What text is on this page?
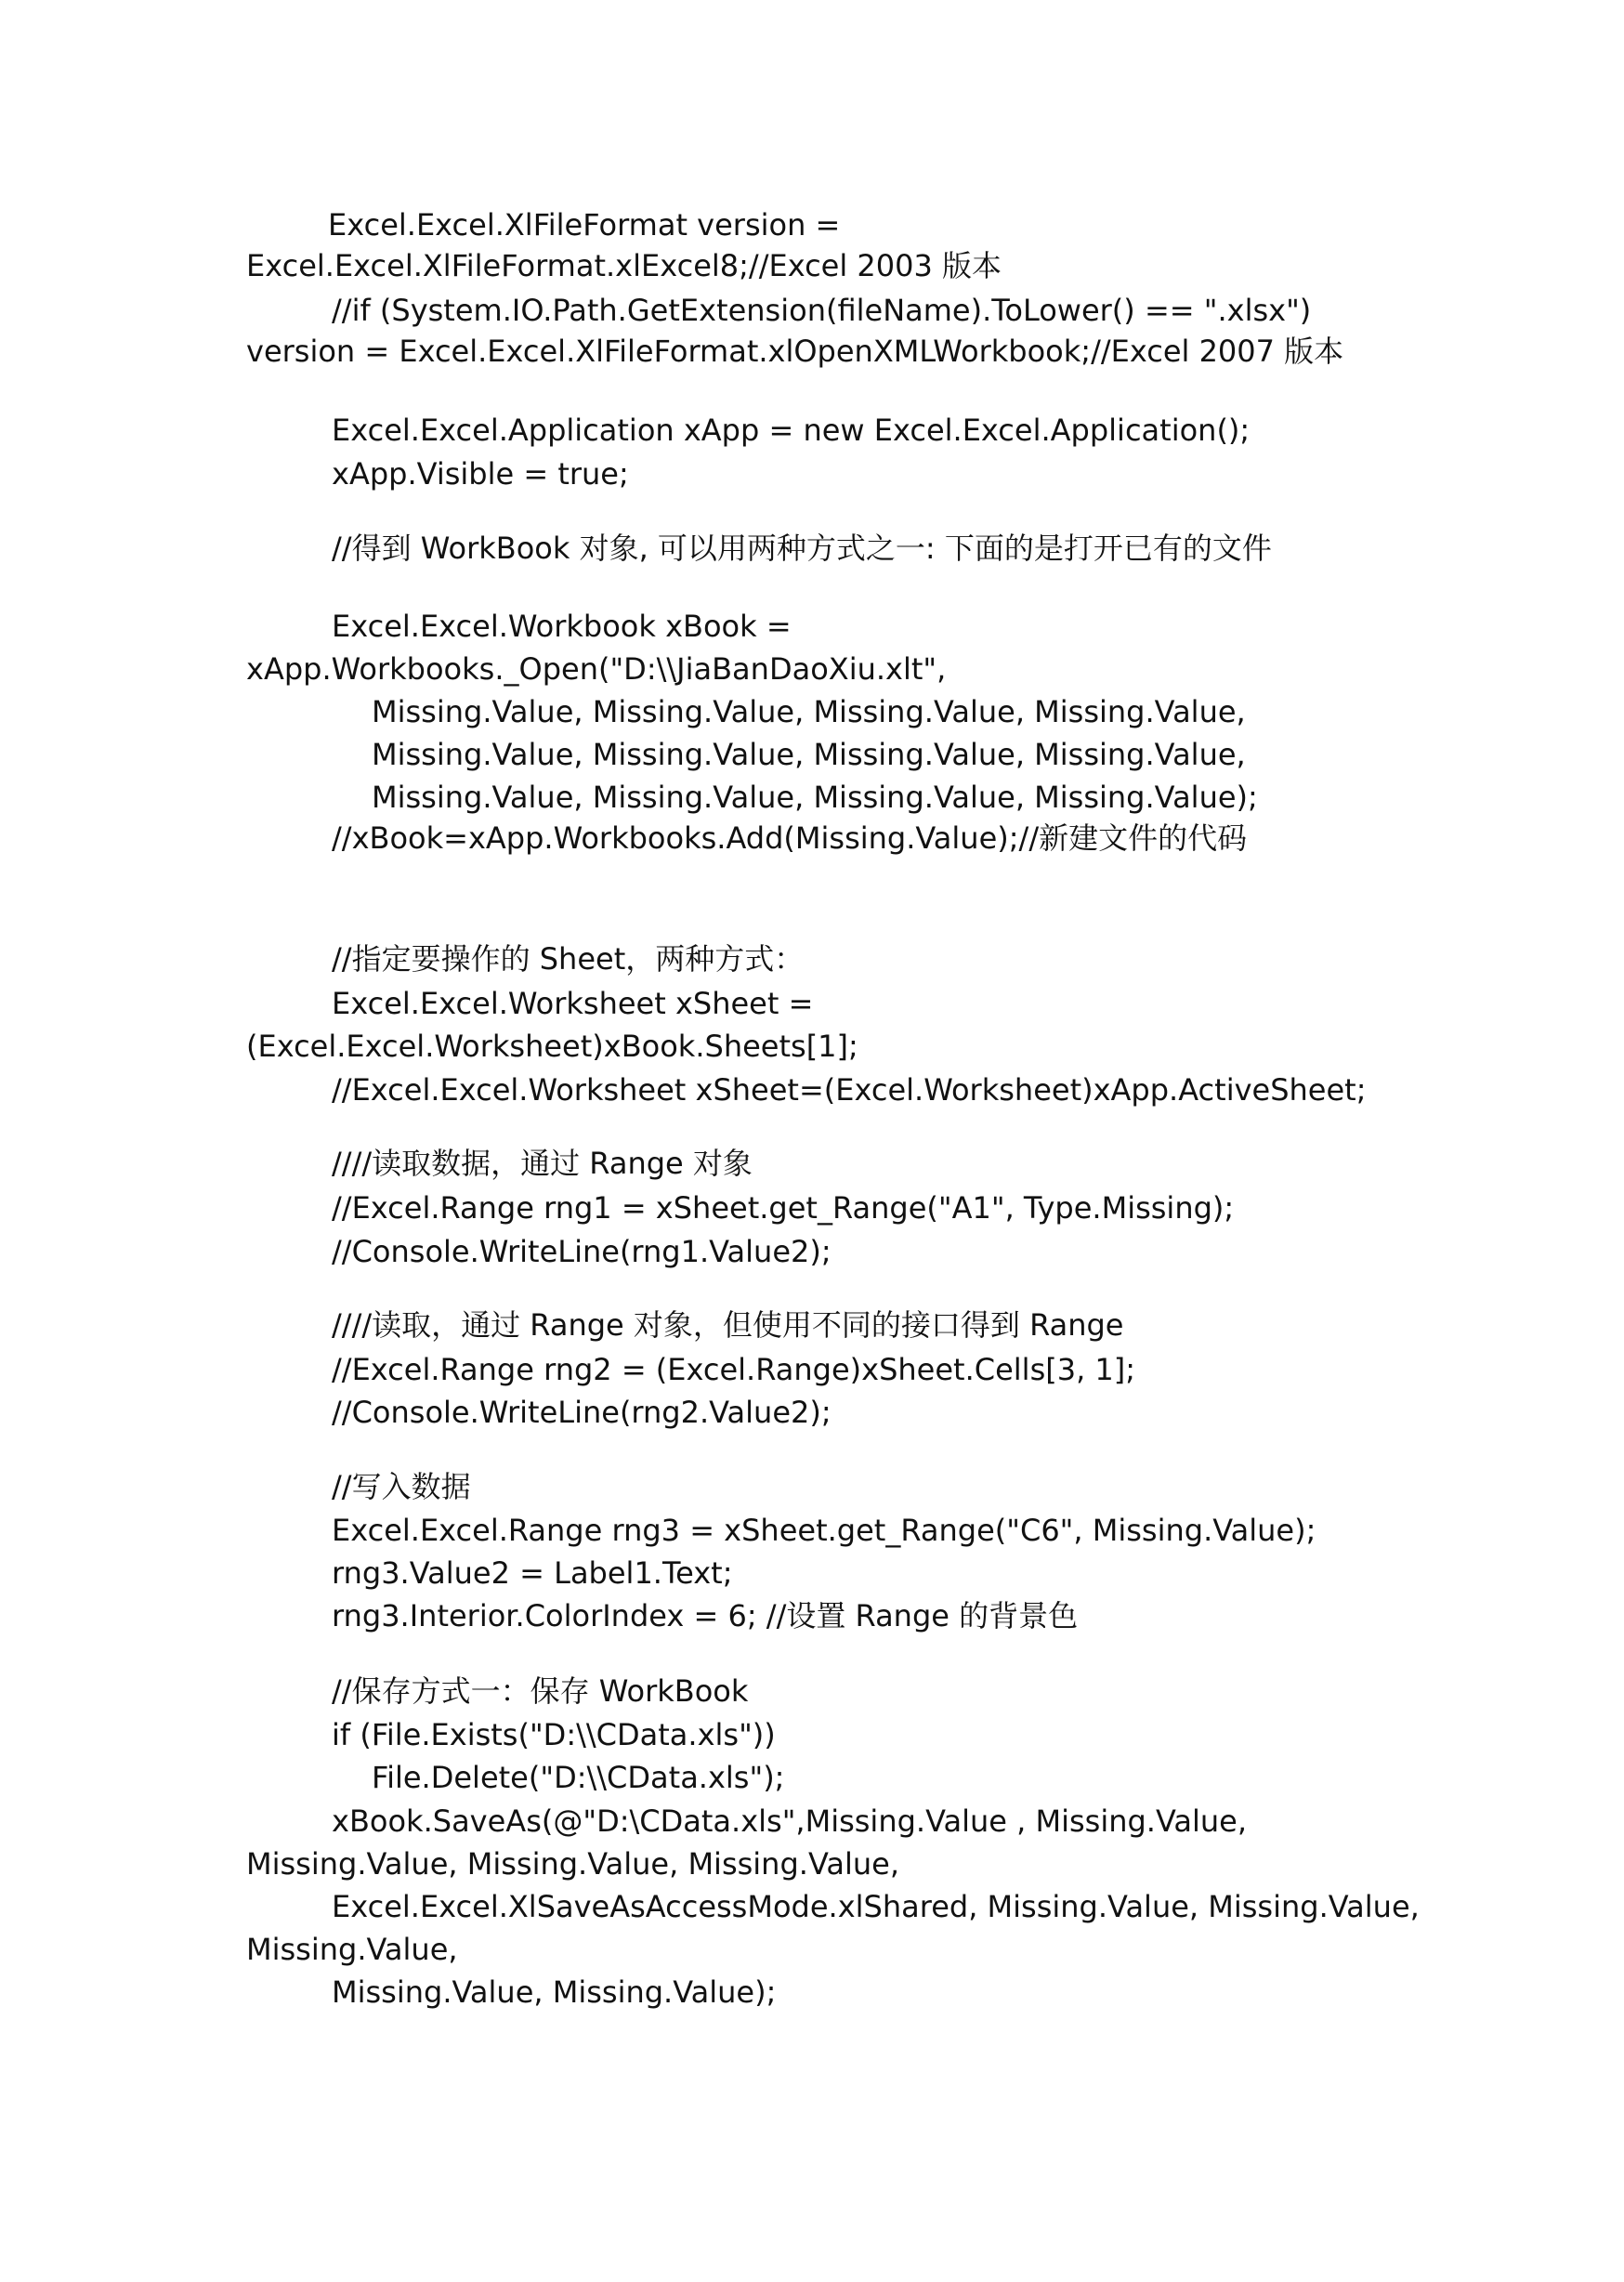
Excel.Excel.XlFileFormat version =
Excel.Excel.XlFileFormat.xlExcel8;//Excel 2003 版本
//if (System.IO.Path.GetExtension(fileName).ToLower() == ".xlsx")
version = Excel.Excel.XlFileFormat.xlOpenXMLWorkbook;//Excel 2007 版本
Excel.Excel.Application xApp = new Excel.Excel.Application();
xApp.Visible = true;
//得到 WorkBook 对象, 可以用两种方式之一: 下面的是打开已有的文件
Excel.Excel.Workbook xBook =
xApp.Workbooks._Open("D:\\JiaBanDaoXiu.xlt",
Missing.Value, Missing.Value, Missing.Value, Missing.Value,
Missing.Value, Missing.Value, Missing.Value, Missing.Value,
Missing.Value, Missing.Value, Missing.Value, Missing.Value);
//xBook=xApp.Workbooks.Add(Missing.Value);//新建文件的代码
//指定要操作的 Sheet，两种方式：
Excel.Excel.Worksheet xSheet =
(Excel.Excel.Worksheet)xBook.Sheets[1];
//Excel.Excel.Worksheet xSheet=(Excel.Worksheet)xApp.ActiveSheet;
////读取数据，通过 Range 对象
//Excel.Range rng1 = xSheet.get_Range("A1", Type.Missing);
//Console.WriteLine(rng1.Value2);
////读取，通过 Range 对象，但使用不同的接口得到 Range
//Excel.Range rng2 = (Excel.Range)xSheet.Cells[3, 1];
//Console.WriteLine(rng2.Value2);
//写入数据
Excel.Excel.Range rng3 = xSheet.get_Range("C6", Missing.Value);
rng3.Value2 = Label1.Text;
rng3.Interior.ColorIndex = 6; //设置 Range 的背景色
//保存方式一：保存 WorkBook
if (File.Exists("D:\\CData.xls"))
File.Delete("D:\\CData.xls");
xBook.SaveAs(@"D:\CData.xls",Missing.Value , Missing.Value,
Missing.Value, Missing.Value, Missing.Value,
Excel.Excel.XlSaveAsAccessMode.xlShared, Missing.Value, Missing.Value,
Missing.Value,
Missing.Value, Missing.Value);
